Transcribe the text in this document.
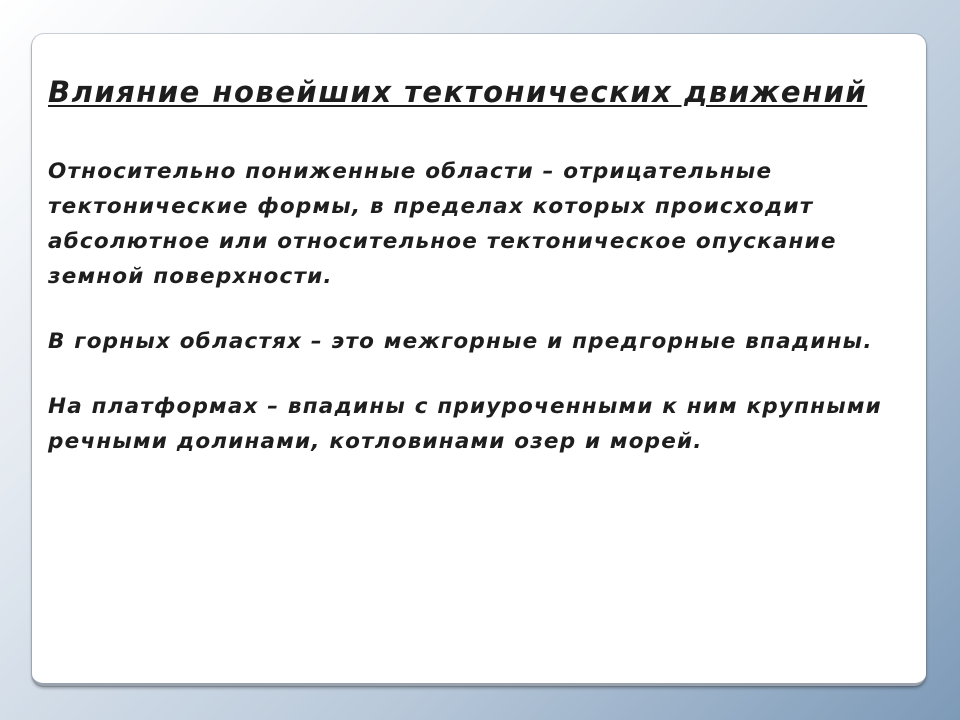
Влияние новейших тектонических движений

Относительно пониженные области – отрицательные тектонические формы, в пределах которых происходит абсолютное или относительное тектоническое опускание земной поверхности.

В горных областях – это межгорные и предгорные впадины.

На платформах – впадины с приуроченными к ним крупными речными долинами, котловинами озер и морей.
